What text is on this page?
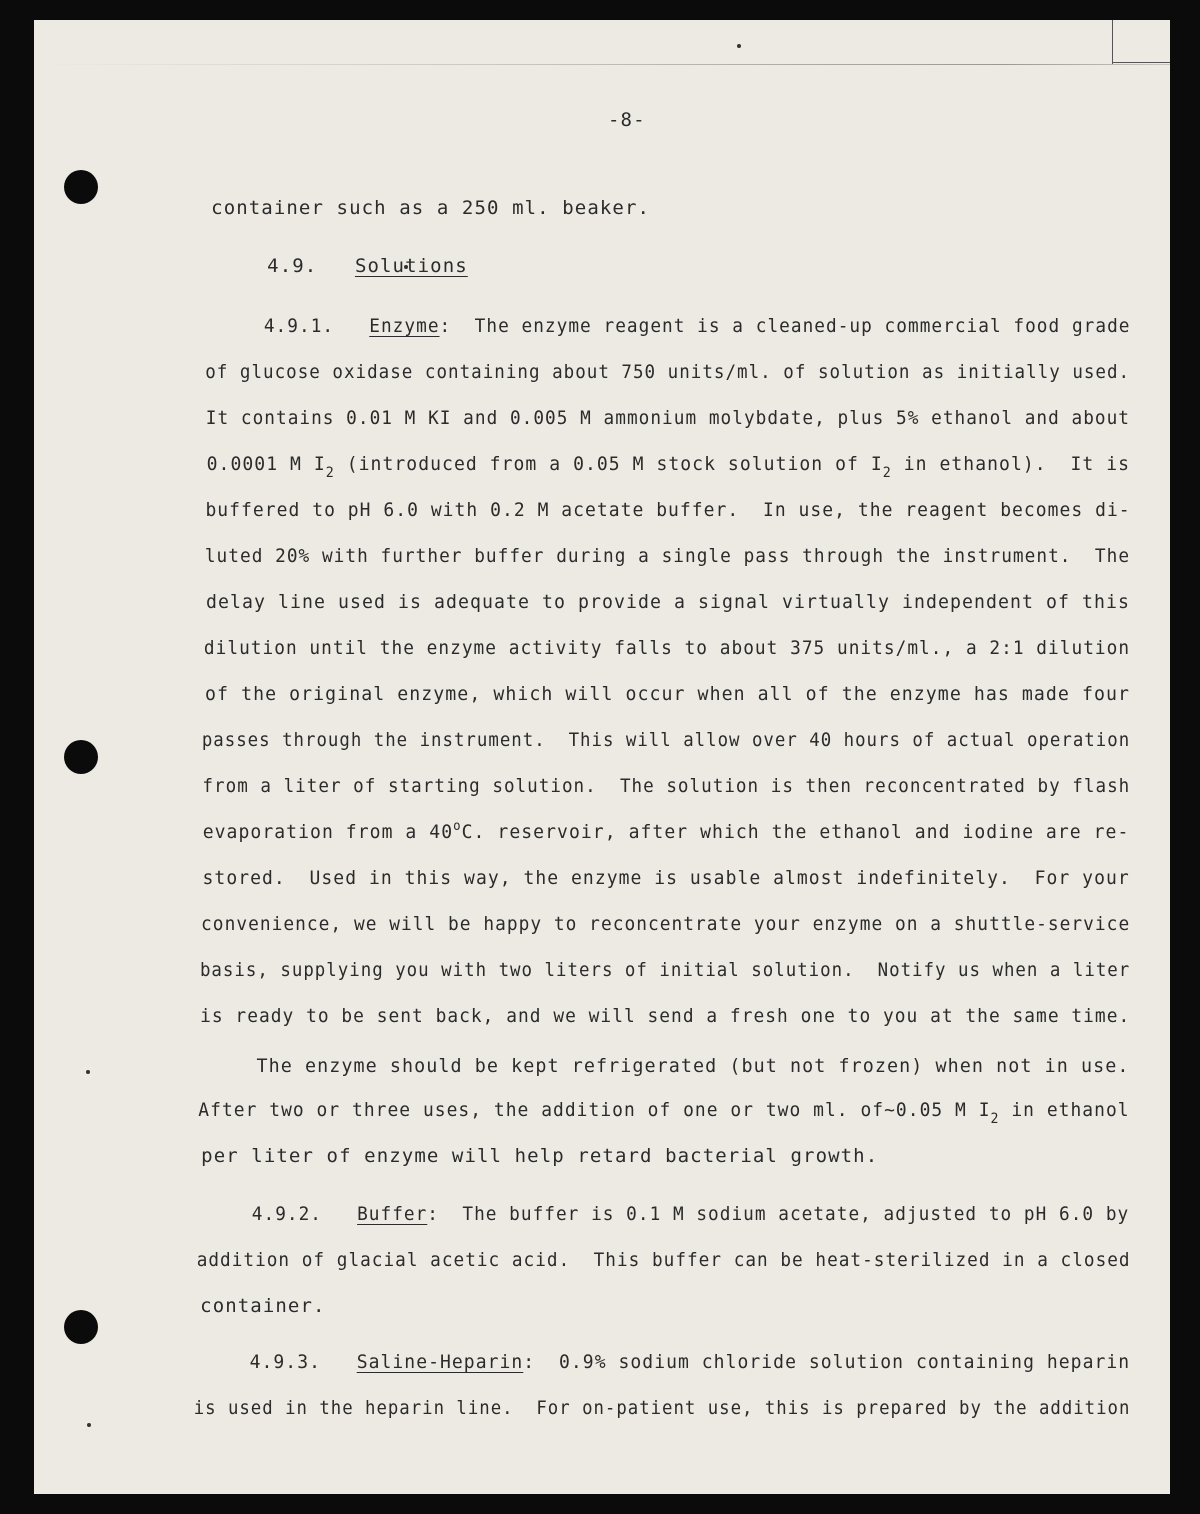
-8-

container such as a 250 ml. beaker.

4.9.   Solutions

4.9.1.   Enzyme:  The enzyme reagent is a cleaned-up commercial food grade

of glucose oxidase containing about 750 units/ml. of solution as initially used.

It contains 0.01 M KI and 0.005 M ammonium molybdate, plus 5% ethanol and about

0.0001 M $I_2$ (introduced from a 0.05 M stock solution of $I_2$ in ethanol).  It is

buffered to pH 6.0 with 0.2 M acetate buffer.  In use, the reagent becomes di-

luted 20% with further buffer during a single pass through the instrument.  The

delay line used is adequate to provide a signal virtually independent of this

dilution until the enzyme activity falls to about 375 units/ml., a 2:1 dilution

of the original enzyme, which will occur when all of the enzyme has made four

passes through the instrument.  This will allow over 40 hours of actual operation

from a liter of starting solution.  The solution is then reconcentrated by flash

evaporation from a 40$^o$C. reservoir, after which the ethanol and iodine are re-

stored.  Used in this way, the enzyme is usable almost indefinitely.  For your

convenience, we will be happy to reconcentrate your enzyme on a shuttle-service

basis, supplying you with two liters of initial solution.  Notify us when a liter

is ready to be sent back, and we will send a fresh one to you at the same time.

The enzyme should be kept refrigerated (but not frozen) when not in use.

After two or three uses, the addition of one or two ml. of~0.05 M $I_2$ in ethanol

per liter of enzyme will help retard bacterial growth.

4.9.2.   Buffer:  The buffer is 0.1 M sodium acetate, adjusted to pH 6.0 by

addition of glacial acetic acid.  This buffer can be heat-sterilized in a closed

container.

4.9.3.   Saline-Heparin:  0.9% sodium chloride solution containing heparin

is used in the heparin line.  For on-patient use, this is prepared by the addition
